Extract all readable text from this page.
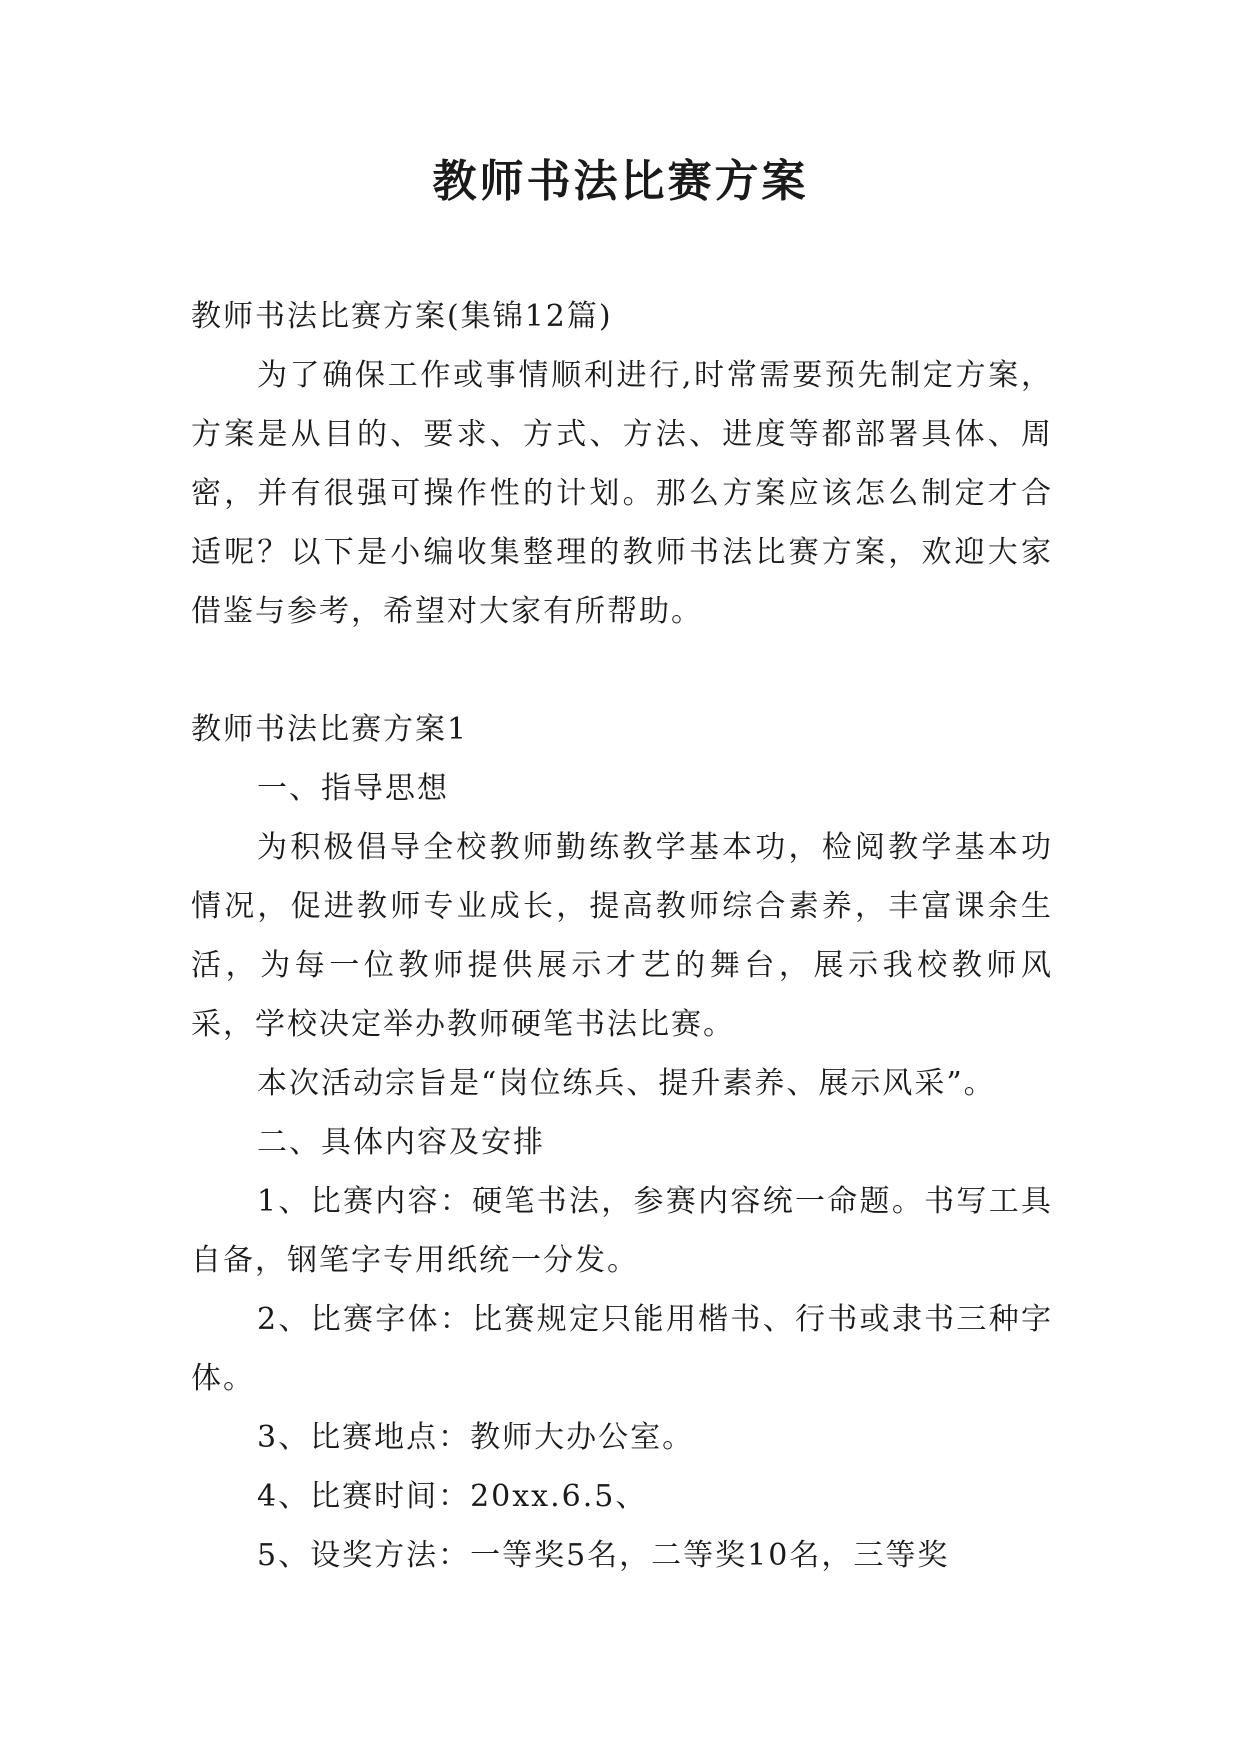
教师书法比赛方案

教师书法比赛方案(集锦12篇)

为了确保工作或事情顺利进行,时常需要预先制定方案，方案是从目的、要求、方式、方法、进度等都部署具体、周密，并有很强可操作性的计划。那么方案应该怎么制定才合适呢？以下是小编收集整理的教师书法比赛方案，欢迎大家借鉴与参考，希望对大家有所帮助。

教师书法比赛方案1

一、指导思想

为积极倡导全校教师勤练教学基本功，检阅教学基本功情况，促进教师专业成长，提高教师综合素养，丰富课余生活，为每一位教师提供展示才艺的舞台，展示我校教师风采，学校决定举办教师硬笔书法比赛。

本次活动宗旨是“岗位练兵、提升素养、展示风采”。

二、具体内容及安排

1、比赛内容：硬笔书法，参赛内容统一命题。书写工具自备，钢笔字专用纸统一分发。

2、比赛字体：比赛规定只能用楷书、行书或隶书三种字体。

3、比赛地点：教师大办公室。

4、比赛时间：20xx.6.5、

5、设奖方法：一等奖5名，二等奖10名，三等奖
